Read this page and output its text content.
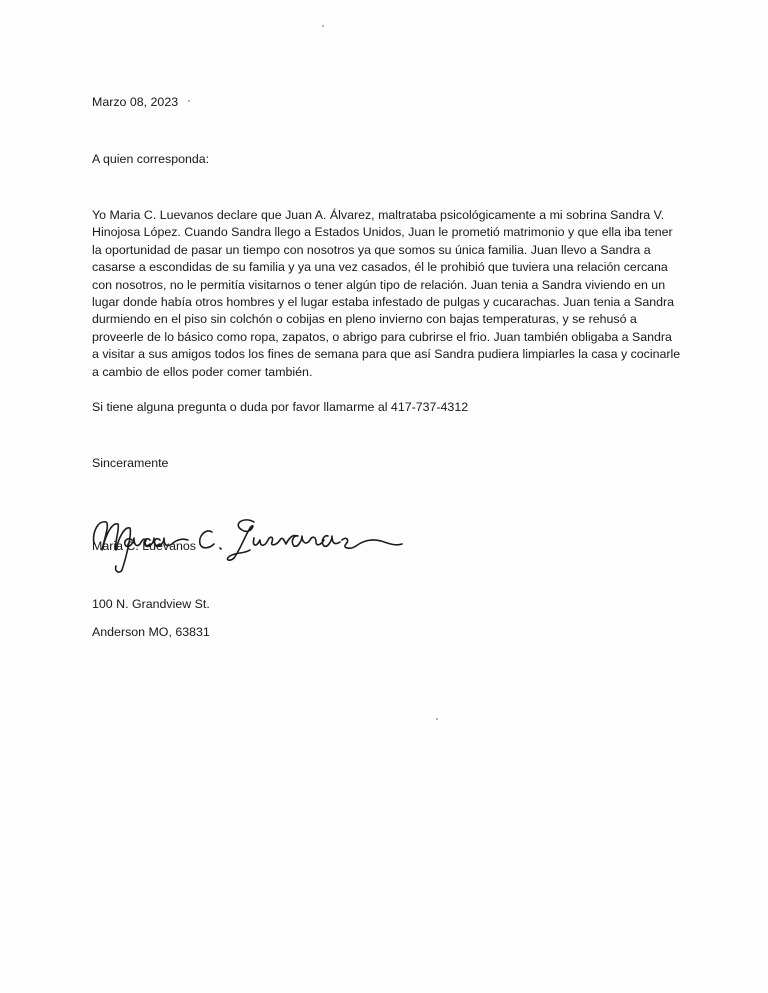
Marzo 08, 2023
A quien corresponda:
Yo Maria C. Luevanos declare que Juan A. Álvarez, maltrataba psicológicamente a mi sobrina Sandra V.
Hinojosa López. Cuando Sandra llego a Estados Unidos, Juan le prometió matrimonio y que ella iba tener
la oportunidad de pasar un tiempo con nosotros ya que somos su única familia. Juan llevo a Sandra a
casarse a escondidas de su familia y ya una vez casados, él le prohibió que tuviera una relación cercana
con nosotros, no le permitía visitarnos o tener algún tipo de relación. Juan tenia a Sandra viviendo en un
lugar donde había otros hombres y el lugar estaba infestado de pulgas y cucarachas. Juan tenia a Sandra
durmiendo en el piso sin colchón o cobijas en pleno invierno con bajas temperaturas, y se rehusó a
proveerle de lo básico como ropa, zapatos, o abrigo para cubrirse el frio. Juan también obligaba a Sandra
a visitar a sus amigos todos los fines de semana para que así Sandra pudiera limpiarles la casa y cocinarle
a cambio de ellos poder comer también.
Si tiene alguna pregunta o duda por favor llamarme al 417-737-4312
Sinceramente
Maria C. Luevanos
100 N. Grandview St.
Anderson MO, 63831
